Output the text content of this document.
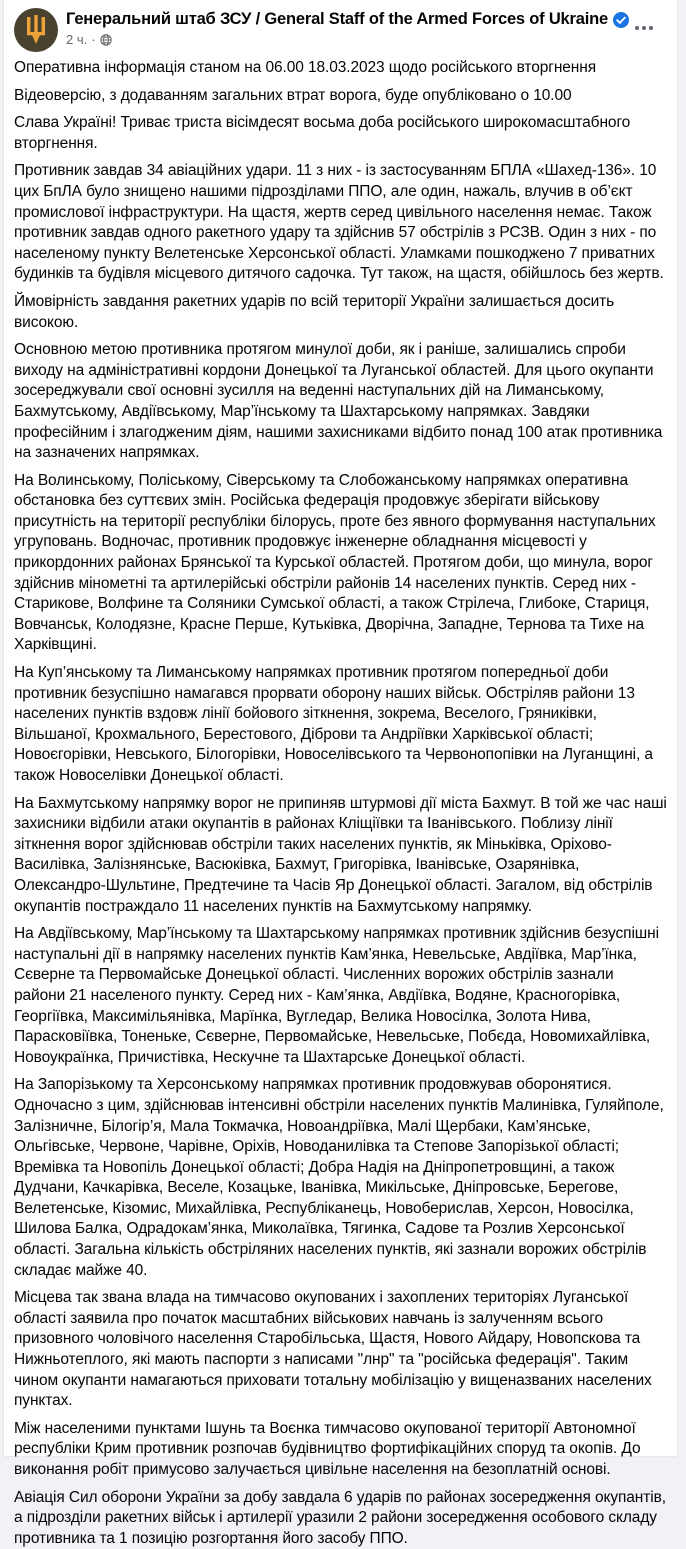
Генеральний штаб ЗСУ / General Staff of the Armed Forces of Ukraine
2 ч. ·

Оперативна інформація станом на 06.00 18.03.2023 щодо російського вторгнення

Відеоверсію, з додаванням загальних втрат ворога, буде опубліковано о 10.00

Слава Україні! Триває триста вісімдесят восьма доба російського широкомасштабного вторгнення.

Противник завдав 34 авіаційних удари. 11 з них - із застосуванням БПЛА «Шахед-136». 10 цих БпЛА було знищено нашими підрозділами ППО, але один, нажаль, влучив в об’єкт промислової інфраструктури. На щастя, жертв серед цивільного населення немає. Також противник завдав одного ракетного удару та здійснив 57 обстрілів з РСЗВ. Один з них - по населеному пункту Велетенське Херсонської області. Уламками пошкоджено 7 приватних будинків та будівля місцевого дитячого садочка. Тут також, на щастя, обійшлось без жертв.

Ймовірність завдання ракетних ударів по всій території України залишається досить високою.

Основною метою противника протягом минулої доби, як і раніше, залишались спроби виходу на адміністративні кордони Донецької та Луганської областей. Для цього окупанти зосереджували свої основні зусилля на веденні наступальних дій на Лиманському, Бахмутському, Авдіївському, Мар’їнському та Шахтарському напрямках. Завдяки професійним і злагодженим діям, нашими захисниками відбито понад 100 атак противника на зазначених напрямках.

На Волинському, Поліському, Сіверському та Слобожанському напрямках оперативна обстановка без суттєвих змін. Російська федерація продовжує зберігати військову присутність на території республіки білорусь, проте без явного формування наступальних угруповань. Водночас, противник продовжує інженерне обладнання місцевості у прикордонних районах Брянської та Курської областей. Протягом доби, що минула, ворог здійснив мінометні та артилерійські обстріли районів 14 населених пунктів. Серед них - Старикове, Волфине та Соляники Сумської області, а також Стрілеча, Глибоке, Стариця, Вовчанськ, Колодязне, Красне Перше, Кутьківка, Дворічна, Западне, Тернова та Тихе на Харківщині.

На Куп’янському та Лиманському напрямках противник протягом попередньої доби противник безуспішно намагався прорвати оборону наших військ. Обстріляв райони 13 населених пунктів вздовж лінії бойового зіткнення, зокрема, Веселого, Гряниківки, Вільшаної, Крохмального, Берестового, Діброви та Андріївки Харківської області; Новоєгорівки, Невського, Білогорівки, Новоселівського та Червонопопівки на Луганщині, а також Новоселівки Донецької області.

На Бахмутському напрямку ворог не припиняв штурмові дії міста Бахмут. В той же час наші захисники відбили атаки окупантів в районах Кліщіївки та Іванівського. Поблизу лінії зіткнення ворог здійснював обстріли таких населених пунктів, як Міньківка, Оріхово-Василівка, Залізнянське, Васюківка, Бахмут, Григорівка, Іванівське, Озарянівка, Олександро-Шультине, Предтечине та Часів Яр Донецької області. Загалом, від обстрілів окупантів постраждало 11 населених пунктів на Бахмутському напрямку.

На Авдіївському, Мар’їнському та Шахтарському напрямках противник здійснив безуспішні наступальні дії в напрямку населених пунктів Кам’янка, Невельське, Авдіївка, Мар’їнка, Сєверне та Первомайське Донецької області. Численних ворожих обстрілів зазнали райони 21 населеного пункту. Серед них - Кам’янка, Авдіївка, Водяне, Красногорівка, Георгіївка, Максимільянівка, Марїнка, Вугледар, Велика Новосілка, Золота Нива, Парасковіївка, Тоненьке, Сєверне, Первомайське, Невельське, Побєда, Новомихайлівка, Новоукраїнка, Причистівка, Нескучне та Шахтарське Донецької області.

На Запорізькому та Херсонському напрямках противник продовжував оборонятися. Одночасно з цим, здійснював інтенсивні обстріли населених пунктів Малинівка, Гуляйполе, Залізничне, Білогір’я, Мала Токмачка, Новоандріївка, Малі Щербаки, Кам’янське, Ольгівське, Червоне, Чарівне, Оріхів, Новоданилівка та Степове Запорізької області; Времівка та Новопіль Донецької області; Добра Надія на Дніпропетровщині, а також Дудчани, Качкарівка, Веселе, Козацьке, Іванівка, Микільське, Дніпровське, Берегове, Велетенське, Кізомис, Михайлівка, Республіканець, Новоберислав, Херсон, Новосілка, Шилова Балка, Одрадокам’янка, Миколаївка, Тягинка, Садове та Розлив Херсонської області. Загальна кількість обстріляних населених пунктів, які зазнали ворожих обстрілів складає майже 40.

Місцева так звана влада на тимчасово окупованих і захоплених територіях Луганської області заявила про початок масштабних військових навчань із залученням всього призовного чоловічого населення Старобільська, Щастя, Нового Айдару, Новопскова та Нижньотеплого, які мають паспорти з написами "лнр" та "російська федерація". Таким чином окупанти намагаються приховати тотальну мобілізацію у вищеназваних населених пунктах.

Між населеними пунктами Ішунь та Воєнка тимчасово окупованої території Автономної республіки Крим противник розпочав будівництво фортифікаційних споруд та окопів. До виконання робіт примусово залучається цивільне населення на безоплатній основі.

Авіація Сил оборони України за добу завдала 6 ударів по районах зосередження окупантів, а підрозділи ракетних військ і артилерії уразили 2 райони зосередження особового складу противника та 1 позицію розгортання його засобу ППО.
